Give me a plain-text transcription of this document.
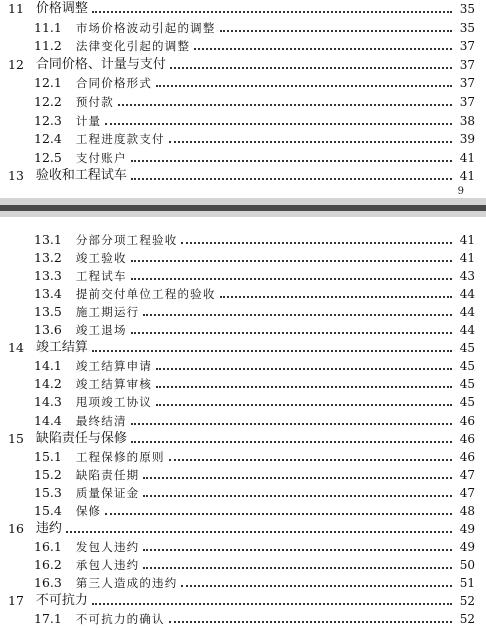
11 价格调整	35
11.1 市场价格波动引起的调整	35
11.2 法律变化引起的调整	37
12 合同价格、计量与支付	37
12.1 合同价格形式	37
12.2 预付款	37
12.3 计量	38
12.4 工程进度款支付	39
12.5 支付账户	41
13 验收和工程试车	41
9
13.1 分部分项工程验收	41
13.2 竣工验收	41
13.3 工程试车	43
13.4 提前交付单位工程的验收	44
13.5 施工期运行	44
13.6 竣工退场	44
14 竣工结算	45
14.1 竣工结算申请	45
14.2 竣工结算审核	45
14.3 甩项竣工协议	45
14.4 最终结清	46
15 缺陷责任与保修	46
15.1 工程保修的原则	46
15.2 缺陷责任期	47
15.3 质量保证金	47
15.4 保修	48
16 违约	49
16.1 发包人违约	49
16.2 承包人违约	50
16.3 第三人造成的违约	51
17 不可抗力	52
17.1 不可抗力的确认	52
